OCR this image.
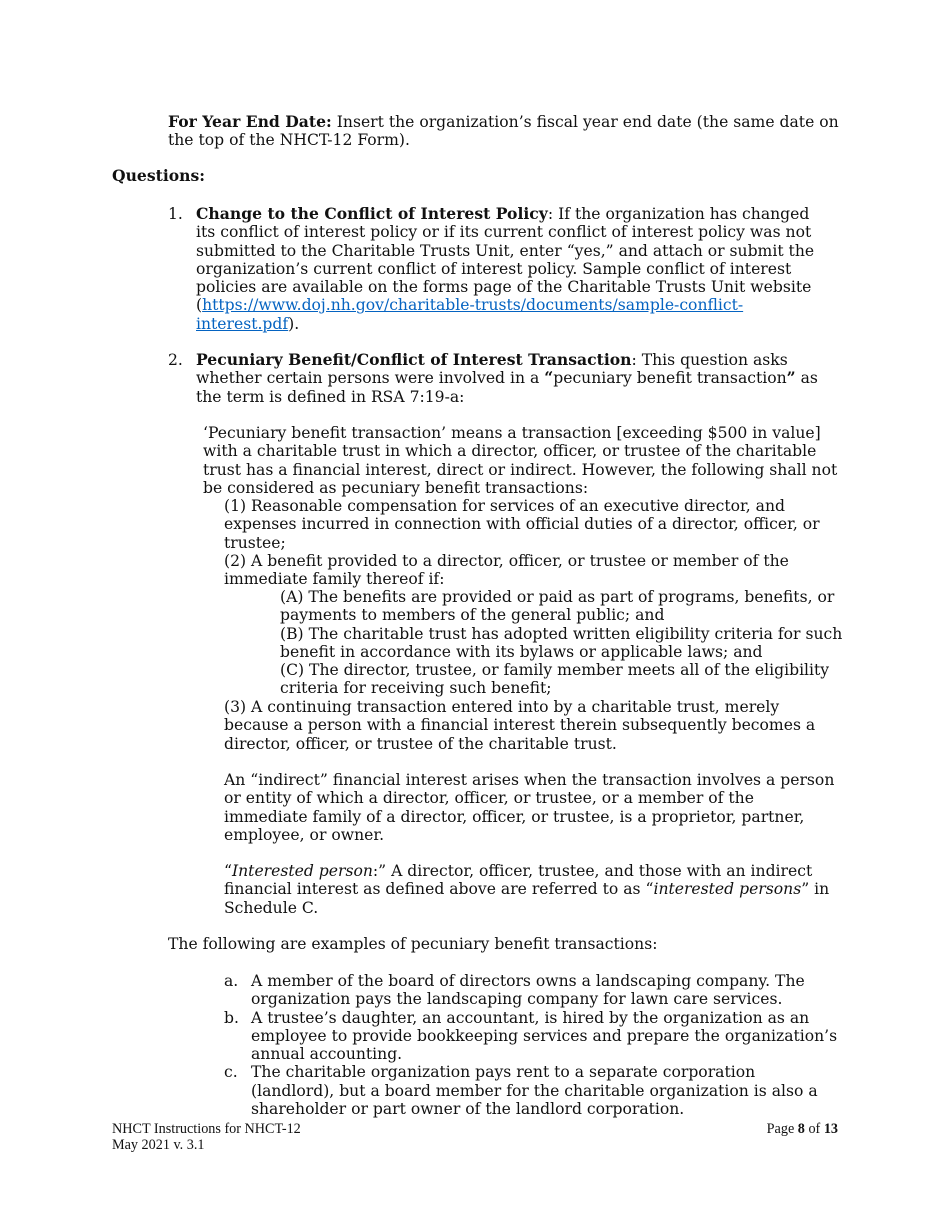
For Year End Date: Insert the organization’s fiscal year end date (the same date on the top of the NHCT-12 Form).

Questions:

1. Change to the Conflict of Interest Policy: If the organization has changed its conflict of interest policy or if its current conflict of interest policy was not submitted to the Charitable Trusts Unit, enter “yes,” and attach or submit the organization’s current conflict of interest policy. Sample conflict of interest policies are available on the forms page of the Charitable Trusts Unit website (https://www.doj.nh.gov/charitable-trusts/documents/sample-conflict-interest.pdf).

2. Pecuniary Benefit/Conflict of Interest Transaction: This question asks whether certain persons were involved in a “pecuniary benefit transaction” as the term is defined in RSA 7:19-a:

‘Pecuniary benefit transaction’ means a transaction [exceeding $500 in value] with a charitable trust in which a director, officer, or trustee of the charitable trust has a financial interest, direct or indirect. However, the following shall not be considered as pecuniary benefit transactions:

(1) Reasonable compensation for services of an executive director, and expenses incurred in connection with official duties of a director, officer, or trustee;

(2) A benefit provided to a director, officer, or trustee or member of the immediate family thereof if:

(A) The benefits are provided or paid as part of programs, benefits, or payments to members of the general public; and

(B) The charitable trust has adopted written eligibility criteria for such benefit in accordance with its bylaws or applicable laws; and

(C) The director, trustee, or family member meets all of the eligibility criteria for receiving such benefit;

(3) A continuing transaction entered into by a charitable trust, merely because a person with a financial interest therein subsequently becomes a director, officer, or trustee of the charitable trust.

An “indirect” financial interest arises when the transaction involves a person or entity of which a director, officer, or trustee, or a member of the immediate family of a director, officer, or trustee, is a proprietor, partner, employee, or owner.

“Interested person:” A director, officer, trustee, and those with an indirect financial interest as defined above are referred to as “interested persons” in Schedule C.

The following are examples of pecuniary benefit transactions:

a. A member of the board of directors owns a landscaping company. The organization pays the landscaping company for lawn care services.

b. A trustee’s daughter, an accountant, is hired by the organization as an employee to provide bookkeeping services and prepare the organization’s annual accounting.

c. The charitable organization pays rent to a separate corporation (landlord), but a board member for the charitable organization is also a shareholder or part owner of the landlord corporation.

NHCT Instructions for NHCT-12
May 2021 v. 3.1
Page 8 of 13
